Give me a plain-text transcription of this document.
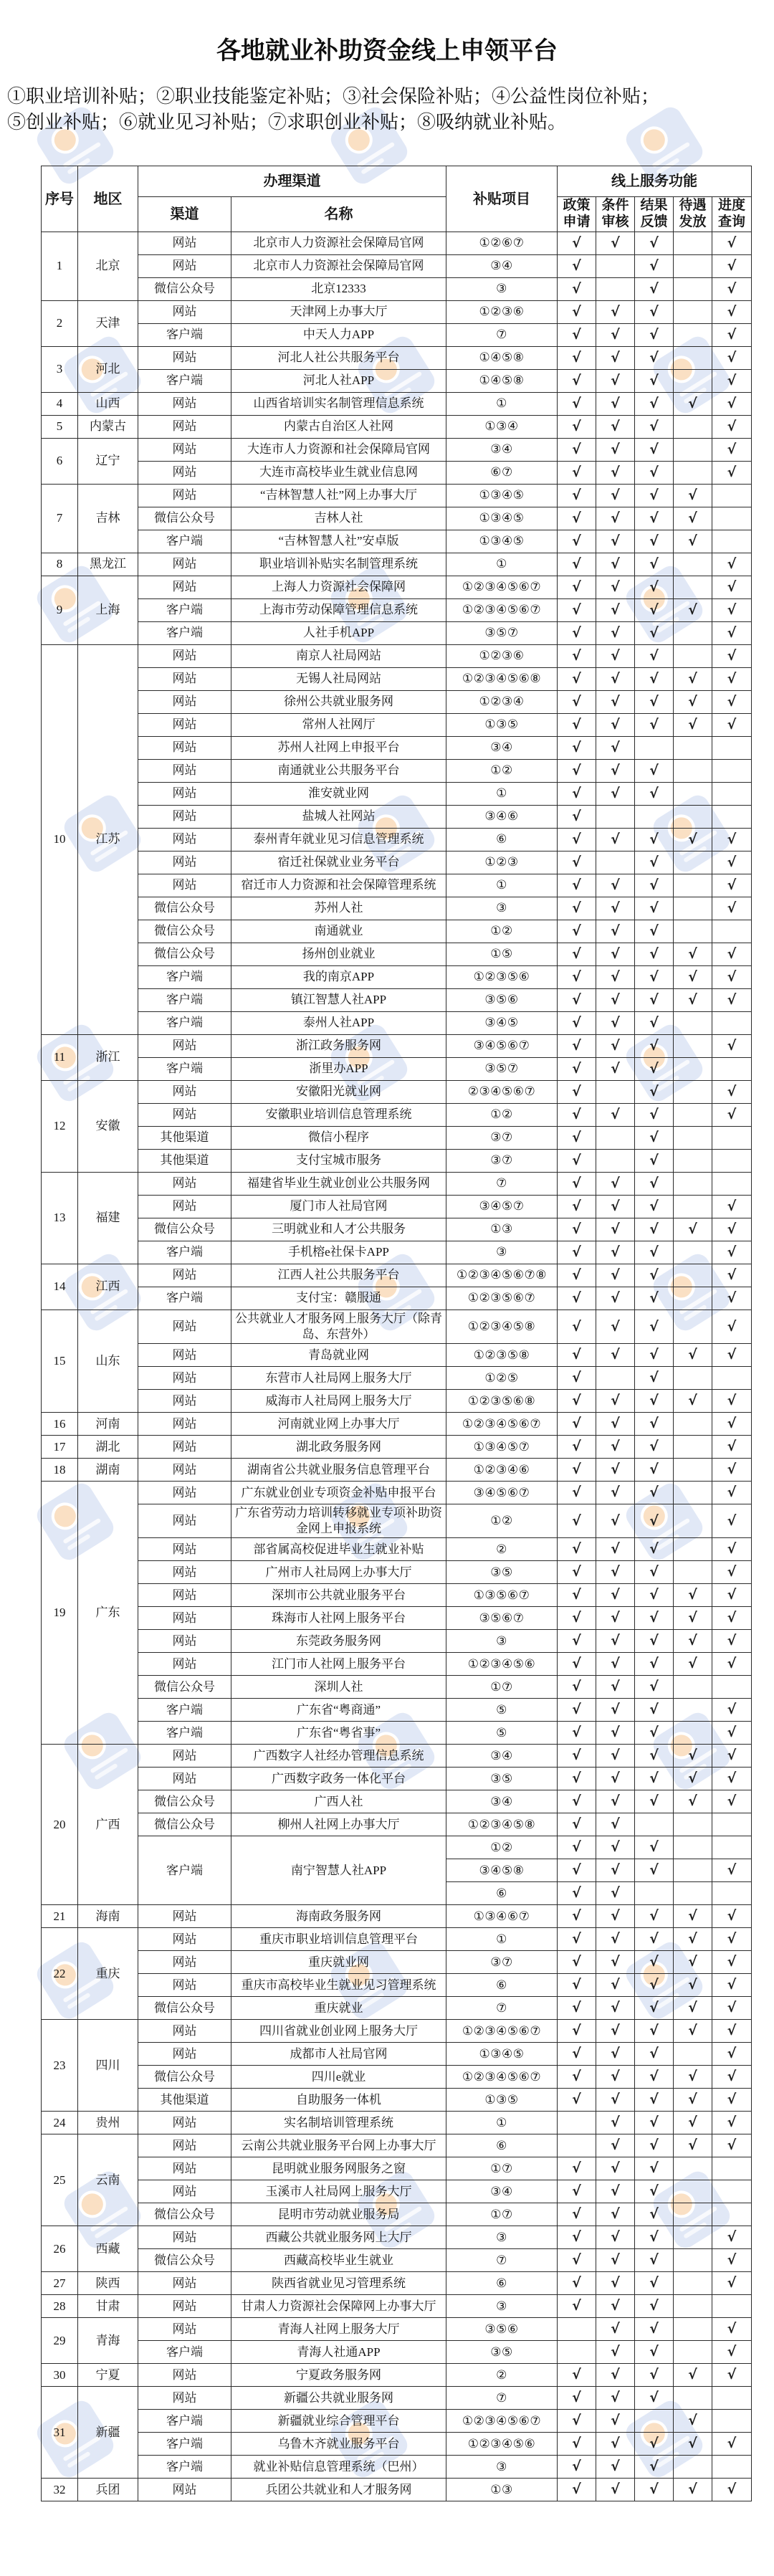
各地就业补助资金线上申领平台
①职业培训补贴；②职业技能鉴定补贴；③社会保险补贴；④公益性岗位补贴；
⑤创业补贴；⑥就业见习补贴；⑦求职创业补贴；⑧吸纳就业补贴。
序号	地区	办理渠道		补贴项目	线上服务功能				
		渠道	名称		政策申请	条件审核	结果反馈	待遇发放	进度查询
1	北京	网站	北京市人力资源社会保障局官网	①②⑥⑦	√	√	√		√
		网站	北京市人力资源社会保障局官网	③④	√		√		√
		微信公众号	北京12333	③	√		√		√
2	天津	网站	天津网上办事大厅	①②③⑥	√	√	√		√
		客户端	中天人力APP	⑦	√	√	√		√
3	河北	网站	河北人社公共服务平台	①④⑤⑧	√	√	√		√
		客户端	河北人社APP	①④⑤⑧	√	√	√		√
4	山西	网站	山西省培训实名制管理信息系统	①	√	√	√	√	√
5	内蒙古	网站	内蒙古自治区人社网	①③④	√	√	√		√
6	辽宁	网站	大连市人力资源和社会保障局官网	③④	√	√	√		√
		网站	大连市高校毕业生就业信息网	⑥⑦	√	√	√		√
7	吉林	网站	“吉林智慧人社”网上办事大厅	①③④⑤	√	√	√	√	
		微信公众号	吉林人社	①③④⑤	√	√	√	√	
		客户端	“吉林智慧人社”安卓版	①③④⑤	√	√	√	√	
8	黑龙江	网站	职业培训补贴实名制管理系统	①	√	√	√		√
9	上海	网站	上海人力资源社会保障网	①②③④⑤⑥⑦	√	√	√		√
		客户端	上海市劳动保障管理信息系统	①②③④⑤⑥⑦	√	√	√	√	√
		客户端	人社手机APP	③⑤⑦	√	√	√		√
10	江苏	网站	南京人社局网站	①②③⑥	√	√	√		√
		网站	无锡人社局网站	①②③④⑤⑥⑧	√	√	√	√	√
		网站	徐州公共就业服务网	①②③④	√	√	√	√	√
		网站	常州人社网厅	①③⑤	√	√	√	√	√
		网站	苏州人社网上申报平台	③④	√	√			
		网站	南通就业公共服务平台	①②	√	√	√		
		网站	淮安就业网	①	√	√	√		
		网站	盐城人社网站	③④⑥	√				
		网站	泰州青年就业见习信息管理系统	⑥	√	√	√	√	√
		网站	宿迁社保就业业务平台	①②③	√		√		√
		网站	宿迁市人力资源和社会保障管理系统	①	√	√	√		√
		微信公众号	苏州人社	③	√	√	√		√
		微信公众号	南通就业	①②	√	√	√		
		微信公众号	扬州创业就业	①⑤	√	√	√	√	√
		客户端	我的南京APP	①②③⑤⑥	√	√	√	√	√
		客户端	镇江智慧人社APP	③⑤⑥	√	√	√	√	√
		客户端	泰州人社APP	③④⑤	√	√	√		
11	浙江	网站	浙江政务服务网	③④⑤⑥⑦	√	√	√		√
		客户端	浙里办APP	③⑤⑦	√	√	√		
12	安徽	网站	安徽阳光就业网	②③④⑤⑥⑦	√		√		√
		网站	安徽职业培训信息管理系统	①②	√	√	√		√
		其他渠道	微信小程序	③⑦	√		√		
		其他渠道	支付宝城市服务	③⑦	√		√		
13	福建	网站	福建省毕业生就业创业公共服务网	⑦	√	√	√		
		网站	厦门市人社局官网	③④⑤⑦	√	√	√		√
		微信公众号	三明就业和人才公共服务	①③	√	√	√	√	√
		客户端	手机榕e社保卡APP	③	√	√	√		√
14	江西	网站	江西人社公共服务平台	①②③④⑤⑥⑦⑧	√	√	√		√
		客户端	支付宝：赣服通	①②③⑤⑥⑦	√	√	√		√
15	山东	网站	公共就业人才服务网上服务大厅（除青岛、东营外）	①②③④⑤⑧	√	√	√		√
		网站	青岛就业网	①②③⑤⑧	√	√	√	√	√
		网站	东营市人社局网上服务大厅	①②⑤	√		√		
		网站	威海市人社局网上服务大厅	①②③⑤⑥⑧	√	√	√	√	√
16	河南	网站	河南就业网上办事大厅	①②③④⑤⑥⑦	√	√	√		√
17	湖北	网站	湖北政务服务网	①③④⑤⑦	√	√	√		√
18	湖南	网站	湖南省公共就业服务信息管理平台	①②③④⑥	√	√	√		√
19	广东	网站	广东就业创业专项资金补贴申报平台	③④⑤⑥⑦	√	√	√		√
		网站	广东省劳动力培训转移就业专项补助资金网上申报系统	①②	√	√	√		√
		网站	部省属高校促进毕业生就业补贴	②	√	√	√		√
		网站	广州市人社局网上办事大厅	③⑤	√	√	√		√
		网站	深圳市公共就业服务平台	①③⑤⑥⑦	√	√	√	√	√
		网站	珠海市人社网上服务平台	③⑤⑥⑦	√	√	√	√	√
		网站	东莞政务服务网	③	√	√	√	√	√
		网站	江门市人社网上服务平台	①②③④⑤⑥	√	√	√	√	√
		微信公众号	深圳人社	①⑦	√	√	√		
		客户端	广东省“粤商通”	⑤	√	√	√		√
		客户端	广东省“粤省事”	⑤	√	√	√		√
20	广西	网站	广西数字人社经办管理信息系统	③④	√	√	√	√	√
		网站	广西数字政务一体化平台	③⑤	√	√	√	√	√
		微信公众号	广西人社	③④	√	√	√	√	√
		微信公众号	柳州人社网上办事大厅	①②③④⑤⑧	√	√			
		客户端	南宁智慧人社APP	①②	√	√	√		
				③④⑤⑧	√	√	√		√
				⑥	√	√			
21	海南	网站	海南政务服务网	①③④⑥⑦	√	√	√	√	√
22	重庆	网站	重庆市职业培训信息管理平台	①	√	√	√	√	√
		网站	重庆就业网	③⑦	√	√	√	√	√
		网站	重庆市高校毕业生就业见习管理系统	⑥	√	√	√	√	√
		微信公众号	重庆就业	⑦	√	√	√	√	√
23	四川	网站	四川省就业创业网上服务大厅	①②③④⑤⑥⑦	√	√	√	√	√
		网站	成都市人社局官网	①③④⑤	√	√	√		√
		微信公众号	四川e就业	①②③④⑤⑥⑦	√	√	√	√	√
		其他渠道	自助服务一体机	①③⑤	√	√	√	√	√
24	贵州	网站	实名制培训管理系统	①		√	√	√	√
25	云南	网站	云南公共就业服务平台网上办事大厅	⑥		√	√	√	√
		网站	昆明就业服务网服务之窗	①⑦	√	√	√		
		网站	玉溪市人社局网上服务大厅	③④	√	√	√		
		微信公众号	昆明市劳动就业服务局	①⑦	√	√	√		
26	西藏	网站	西藏公共就业服务网上大厅	③	√	√	√		√
		微信公众号	西藏高校毕业生就业	⑦	√	√	√		√
27	陕西	网站	陕西省就业见习管理系统	⑥	√	√	√		√
28	甘肃	网站	甘肃人力资源社会保障网上办事大厅	③	√	√	√		
29	青海	网站	青海人社网上服务大厅	③⑤⑥		√	√		√
		客户端	青海人社通APP	③⑤		√	√		√
30	宁夏	网站	宁夏政务服务网	②	√	√	√	√	√
31	新疆	网站	新疆公共就业服务网	⑦	√	√	√		
		客户端	新疆就业综合管理平台	①②③④⑤⑥⑦	√	√		√	
		客户端	乌鲁木齐就业服务平台	①②③④⑤⑥	√	√	√	√	√
		客户端	就业补贴信息管理系统（巴州）	③	√	√	√		
32	兵团	网站	兵团公共就业和人才服务网	①③	√	√	√	√	√
